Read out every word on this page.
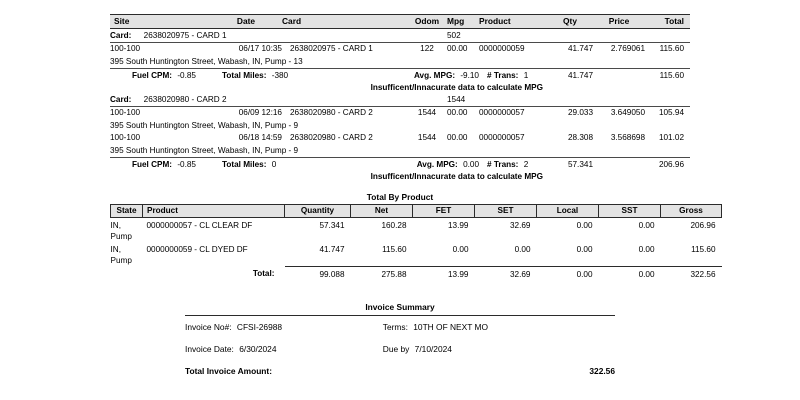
Site	Date	Card	Odom	Mpg	Product	Qty	Price	Total
Card: 2638020975 - CARD 1				502				
100-100	06/17 10:35	2638020975 - CARD 1	122	00.00	0000000059	41.747	2.769061	115.60
395 South Huntington Street, Wabash, IN, Pump - 13								
Fuel CPM: -0.85	Total Miles: -380		Avg. MPG: -9.10		# Trans: 1	41.747		115.60
Insufficent/Innacurate data to calculate MPG								
Card: 2638020980 - CARD 2				1544				
100-100	06/09 12:16	2638020980 - CARD 2	1544	00.00	0000000057	29.033	3.649050	105.94
395 South Huntington Street, Wabash, IN, Pump - 9								
100-100	06/18 14:59	2638020980 - CARD 2	1544	00.00	0000000057	28.308	3.568698	101.02
395 South Huntington Street, Wabash, IN, Pump - 9								
Fuel CPM: -0.85	Total Miles: 0		Avg. MPG: 0.00		# Trans: 2	57.341		206.96
Insufficent/Innacurate data to calculate MPG								
Total By Product
State	Product	Quantity	Net	FET	SET	Local	SST	Gross
IN, Pump	0000000057 - CL CLEAR DF	57.341	160.28	13.99	32.69	0.00	0.00	206.96
IN, Pump	0000000059 - CL DYED DF	41.747	115.60	0.00	0.00	0.00	0.00	115.60
	Total:	99.088	275.88	13.99	32.69	0.00	0.00	322.56
Invoice Summary
Invoice No#: CFSI-26988	Terms: 10TH OF NEXT MO	
Invoice Date: 6/30/2024	Due by 7/10/2024	
Total Invoice Amount:		322.56
